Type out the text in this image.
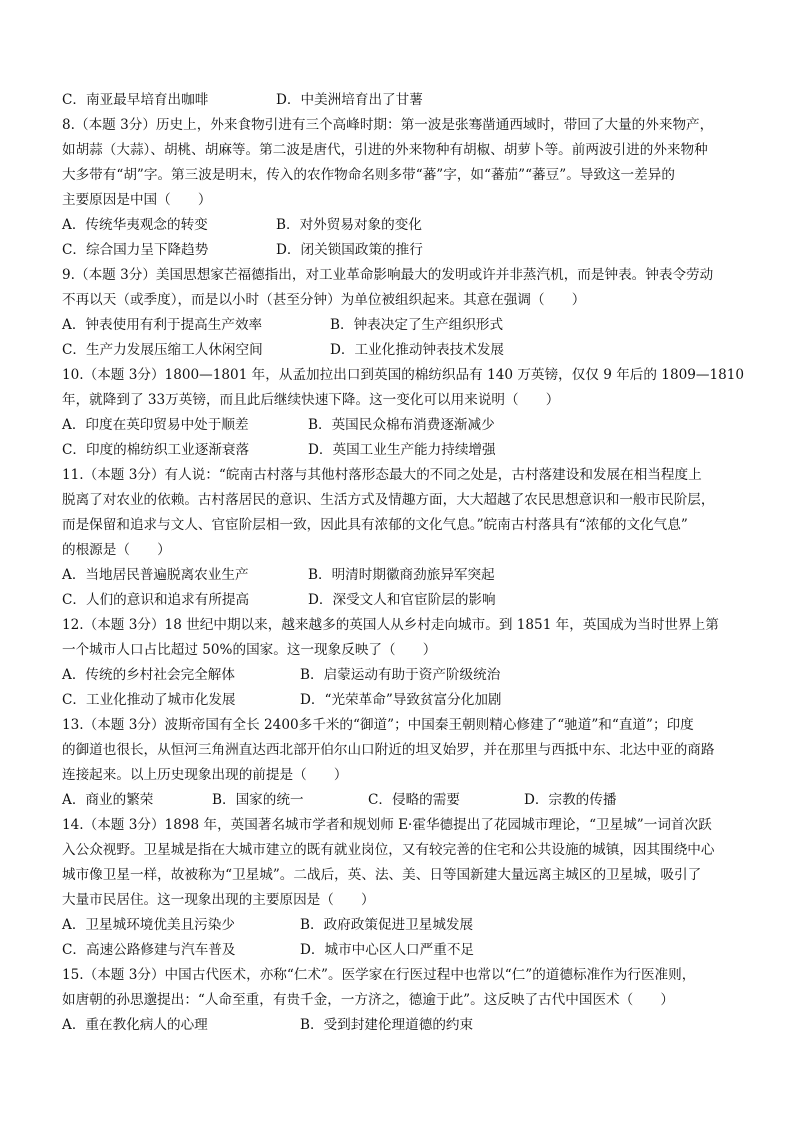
C．南亚最早培育出咖啡	D．中美洲培育出了甘薯
8.（本题 3分）历史上，外来食物引进有三个高峰时期：第一波是张骞凿通西域时，带回了大量的外来物产，
如胡蒜（大蒜）、胡桃、胡麻等。第二波是唐代，引进的外来物种有胡椒、胡萝卜等。前两波引进的外来物种
大多带有“胡”字。第三波是明末，传入的农作物命名则多带“蕃”字，如“蕃茄”“蕃豆”。导致这一差异的
主要原因是中国（　　）
A．传统华夷观念的转变	B．对外贸易对象的变化
C．综合国力呈下降趋势	D．闭关锁国政策的推行
9.（本题 3分）美国思想家芒福德指出，对工业革命影响最大的发明或许并非蒸汽机，而是钟表。钟表令劳动
不再以天（或季度），而是以小时（甚至分钟）为单位被组织起来。其意在强调（　　）
A．钟表使用有利于提高生产效率	B．钟表决定了生产组织形式
C．生产力发展压缩工人休闲空间	D．工业化推动钟表技术发展
10.（本题 3分）1800—1801 年，从孟加拉出口到英国的棉纺织品有 140 万英镑，仅仅 9 年后的 1809—1810
年，就降到了 33万英镑，而且此后继续快速下降。这一变化可以用来说明（　　）
A．印度在英印贸易中处于顺差	B．英国民众棉布消费逐渐减少
C．印度的棉纺织工业逐渐衰落	D．英国工业生产能力持续增强
11.（本题 3分）有人说：“皖南古村落与其他村落形态最大的不同之处是，古村落建设和发展在相当程度上
脱离了对农业的依赖。古村落居民的意识、生活方式及情趣方面，大大超越了农民思想意识和一般市民阶层，
而是保留和追求与文人、官宦阶层相一致，因此具有浓郁的文化气息。”皖南古村落具有“浓郁的文化气息”
的根源是（　　）
A．当地居民普遍脱离农业生产	B．明清时期徽商劲旅异军突起
C．人们的意识和追求有所提高	D．深受文人和官宦阶层的影响
12.（本题 3分）18 世纪中期以来，越来越多的英国人从乡村走向城市。到 1851 年，英国成为当时世界上第
一个城市人口占比超过 50%的国家。这一现象反映了（　　）
A．传统的乡村社会完全解体	B．启蒙运动有助于资产阶级统治
C．工业化推动了城市化发展	D．“光荣革命”导致贫富分化加剧
13.（本题 3分）波斯帝国有全长 2400多千米的“御道”；中国秦王朝则精心修建了“驰道”和“直道”；印度
的御道也很长，从恒河三角洲直达西北部开伯尔山口附近的坦叉始罗，并在那里与西抵中东、北达中亚的商路
连接起来。以上历史现象出现的前提是（　　）
A．商业的繁荣	B．国家的统一	C．侵略的需要	D．宗教的传播
14.（本题 3分）1898 年，英国著名城市学者和规划师 E·霍华德提出了花园城市理论，“卫星城”一词首次跃
入公众视野。卫星城是指在大城市建立的既有就业岗位，又有较完善的住宅和公共设施的城镇，因其围绕中心
城市像卫星一样，故被称为“卫星城”。二战后，英、法、美、日等国新建大量远离主城区的卫星城，吸引了
大量市民居住。这一现象出现的主要原因是（　　）
A．卫星城环境优美且污染少	B．政府政策促进卫星城发展
C．高速公路修建与汽车普及	D．城市中心区人口严重不足
15.（本题 3分）中国古代医术，亦称“仁术”。医学家在行医过程中也常以“仁”的道德标准作为行医准则，
如唐朝的孙思邈提出：“人命至重，有贵千金，一方济之，德逾于此”。这反映了古代中国医术（　　）
A．重在教化病人的心理	B．受到封建伦理道德的约束
